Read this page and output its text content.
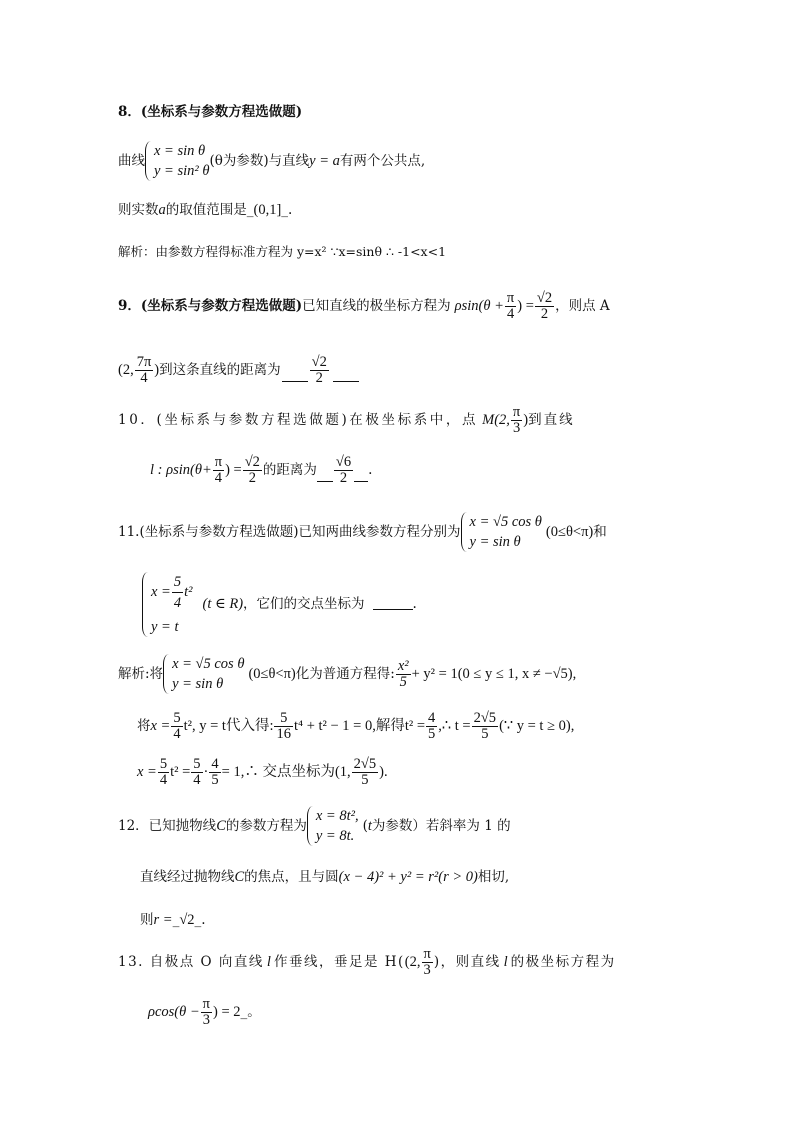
8．(坐标系与参数方程选做题)
曲线
x = sin θ
y = sin² θ
(θ为参数)与直线 y = a 有两个公共点,
则实数a的取值范围是_(0,1]_.
解析：由参数方程得标准方程为 y=x² ∵x=sinθ ∴ -1<x<1
9．(坐标系与参数方程选做题) 已知直线的极坐标方程为 $\rho\sin(\theta + \frac{\pi}{4}$ ) = $\frac{√2}{2}$ ，则点 A
(2, $\frac{7\pi}{4}$ ) 到这条直线的距离为 $\frac{√2}{2}$
10．(坐标系与参数方程选做题)在极坐标系中，点 M(2, $\frac{\pi}{3}$ ) 到直线
l : $\rho\sin(\theta+ \frac{\pi}{4}$ ) = $\frac{√2}{2}$ 的距离为 $\frac{√6}{2}$ .
11.(坐标系与参数方程选做题)已知两曲线参数方程分别为
x = √5 cos θ
y = sin θ
(0≤θ<π) 和
$x = \frac{5}{4} t^2$
y = t
(t ∈ R) ，它们的交点坐标为	.
解析:将
x = √5 cos θ
y = sin θ
(0≤θ<π) 化为普通方程得: $\frac{\text{x²}}{5} + y^2 = 1(0 \le y \le 1$, x ≠ −√5),
将 $x = \frac{5}{4} t^2$, y = t代入得: $\frac{5}{16} t^4 + t^2 - 1 = 0$,解得$t^2 = \frac{4}{5}$ ,∴ $t = \frac{2√5}{5}$ (∵ y = t ≥ 0),
$x = \frac{5}{4} t^2 = \frac{5}{4} \cdot \frac{4}{5}$ = 1,∴ 交点坐标为(1, $\frac{2√5}{5}$ ).
12．已知抛物线 C 的参数方程为
x = 8t²,
y = 8t.
( t 为参数）若斜率为 1 的
直线经过抛物线C的焦点，且与圆(x − 4)² + y² = r²(r > 0)相切,
则r =_√2_.
13. 自极点 O 向直线 l 作垂线，垂足是 H( (2, $\frac{\pi}{3}$ )，则直线 l 的极坐标方程为
$\rho\cos(\theta - \frac{\pi}{3}$ ) = 2 _ 。
